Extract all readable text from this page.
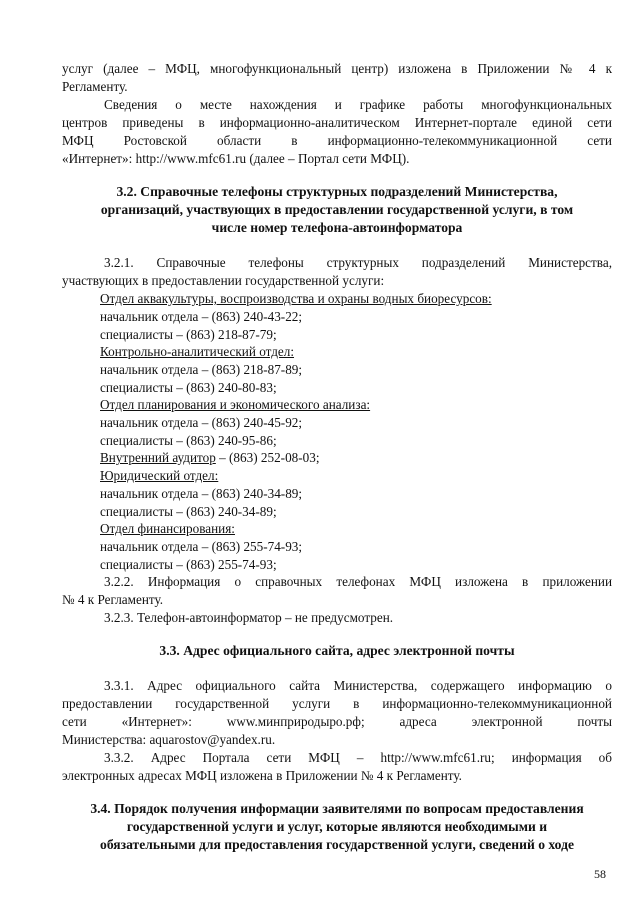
услуг (далее – МФЦ, многофункциональный центр) изложена в Приложении № 4 к
Регламенту.
Сведения о месте нахождения и графике работы многофункциональных
центров приведены в информационно-аналитическом Интернет-портале единой сети
МФЦ Ростовской области в информационно-телекоммуникационной сети
«Интернет»: http://www.mfc61.ru (далее – Портал сети МФЦ).
3.2. Справочные телефоны структурных подразделений Министерства,
организаций, участвующих в предоставлении государственной услуги, в том
числе номер телефона-автоинформатора
3.2.1. Справочные телефоны структурных подразделений Министерства,
участвующих в предоставлении государственной услуги:
Отдел аквакультуры, воспроизводства и охраны водных биоресурсов:
начальник отдела – (863) 240-43-22;
специалисты – (863) 218-87-79;
Контрольно-аналитический отдел:
начальник отдела – (863) 218-87-89;
специалисты – (863) 240-80-83;
Отдел планирования и экономического анализа:
начальник отдела – (863) 240-45-92;
специалисты – (863) 240-95-86;
Внутренний аудитор – (863) 252-08-03;
Юридический отдел:
начальник отдела – (863) 240-34-89;
специалисты – (863) 240-34-89;
Отдел финансирования:
начальник отдела – (863) 255-74-93;
специалисты – (863) 255-74-93;
3.2.2. Информация о справочных телефонах МФЦ изложена в приложении
№ 4 к Регламенту.
3.2.3. Телефон-автоинформатор – не предусмотрен.
3.3. Адрес официального сайта, адрес электронной почты
3.3.1. Адрес официального сайта Министерства, содержащего информацию о
предоставлении государственной услуги в информационно-телекоммуникационной
сети «Интернет»: www.минприродыро.рф; адреса электронной почты
Министерства: aquarostov@yandex.ru.
3.3.2. Адрес Портала сети МФЦ – http://www.mfc61.ru; информация об
электронных адресах МФЦ изложена в Приложении № 4 к Регламенту.
3.4. Порядок получения информации заявителями по вопросам предоставления
государственной услуги и услуг, которые являются необходимыми и
обязательными для предоставления государственной услуги, сведений о ходе
58
